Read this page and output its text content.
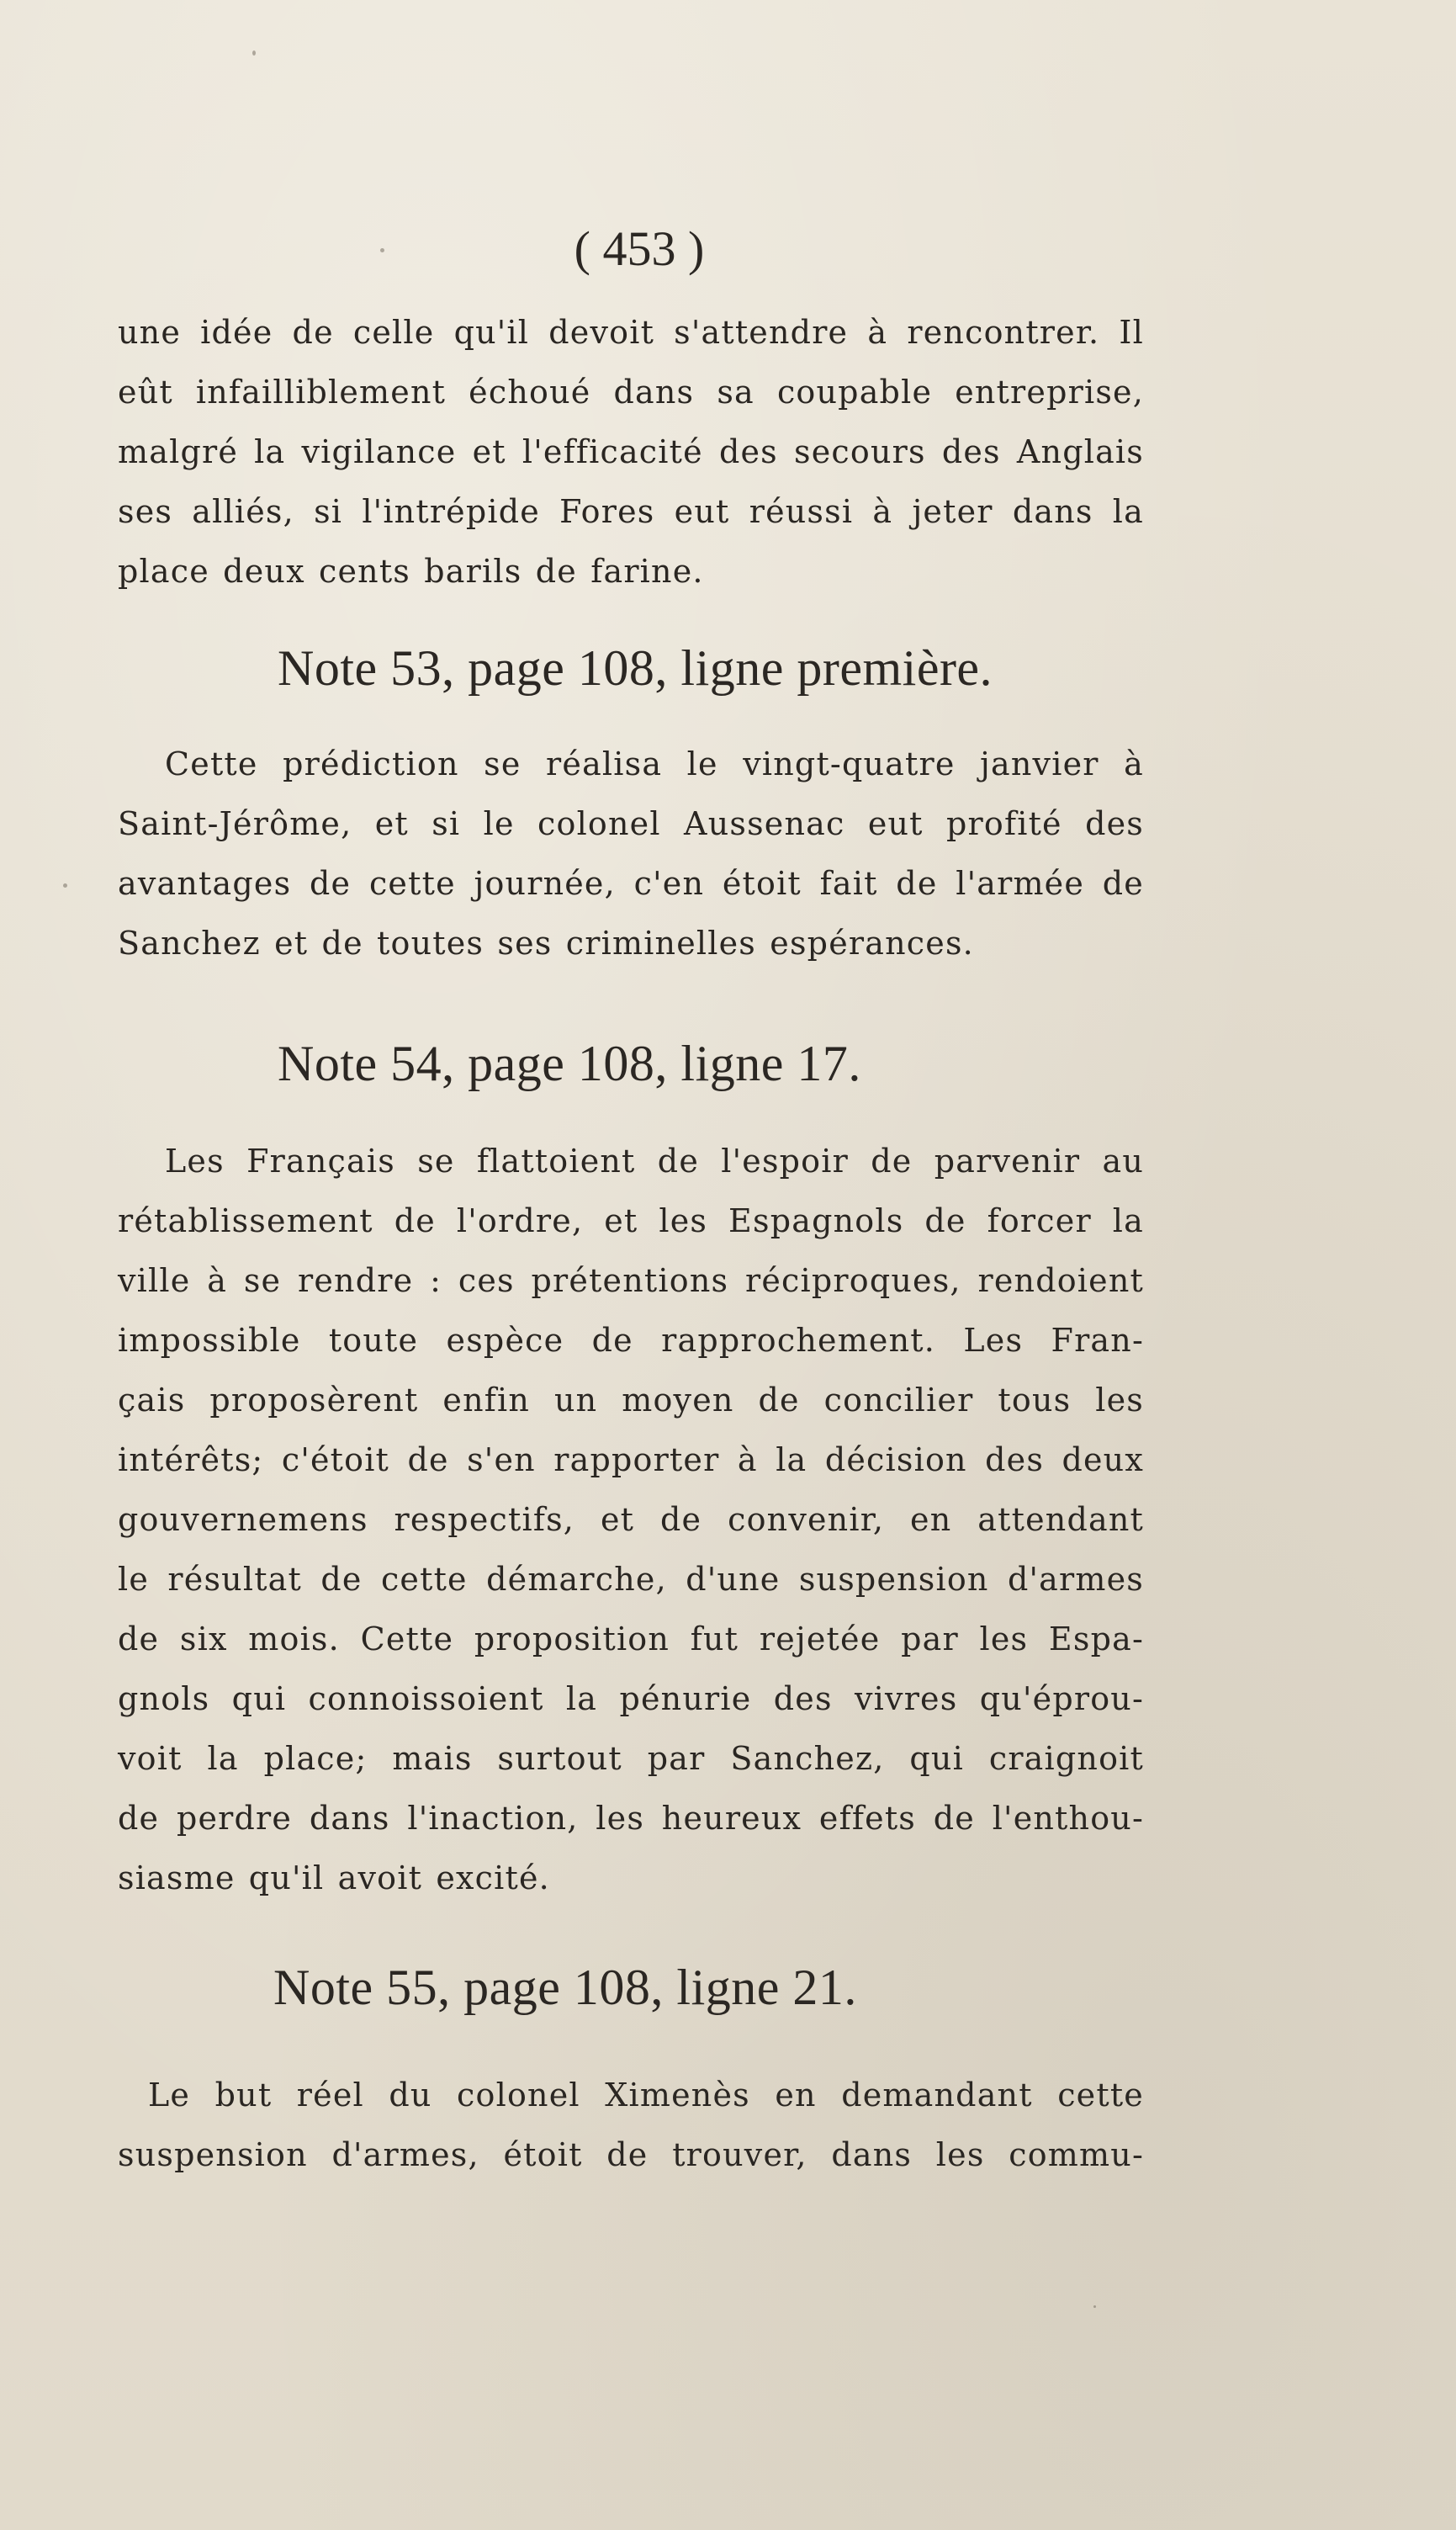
( 453 )

une idée de celle qu'il devoit s'attendre à rencontrer. Il
eût infailliblement échoué dans sa coupable entreprise,
malgré la vigilance et l'efficacité des secours des Anglais
ses alliés, si l'intrépide Fores eut réussi à jeter dans la
place deux cents barils de farine.

Note 53, page 108, ligne première.

Cette prédiction se réalisa le vingt-quatre janvier à
Saint-Jérôme, et si le colonel Aussenac eut profité des
avantages de cette journée, c'en étoit fait de l'armée de
Sanchez et de toutes ses criminelles espérances.

Note 54, page 108, ligne 17.

Les Français se flattoient de l'espoir de parvenir au
rétablissement de l'ordre, et les Espagnols de forcer la
ville à se rendre : ces prétentions réciproques, rendoient
impossible toute espèce de rapprochement. Les Fran-
çais proposèrent enfin un moyen de concilier tous les
intérêts; c'étoit de s'en rapporter à la décision des deux
gouvernemens respectifs, et de convenir, en attendant
le résultat de cette démarche, d'une suspension d'armes
de six mois. Cette proposition fut rejetée par les Espa-
gnols qui connoissoient la pénurie des vivres qu'éprou-
voit la place; mais surtout par Sanchez, qui craignoit
de perdre dans l'inaction, les heureux effets de l'enthou-
siasme qu'il avoit excité.

Note 55, page 108, ligne 21.

Le but réel du colonel Ximenès en demandant cette
suspension d'armes, étoit de trouver, dans les commu-
